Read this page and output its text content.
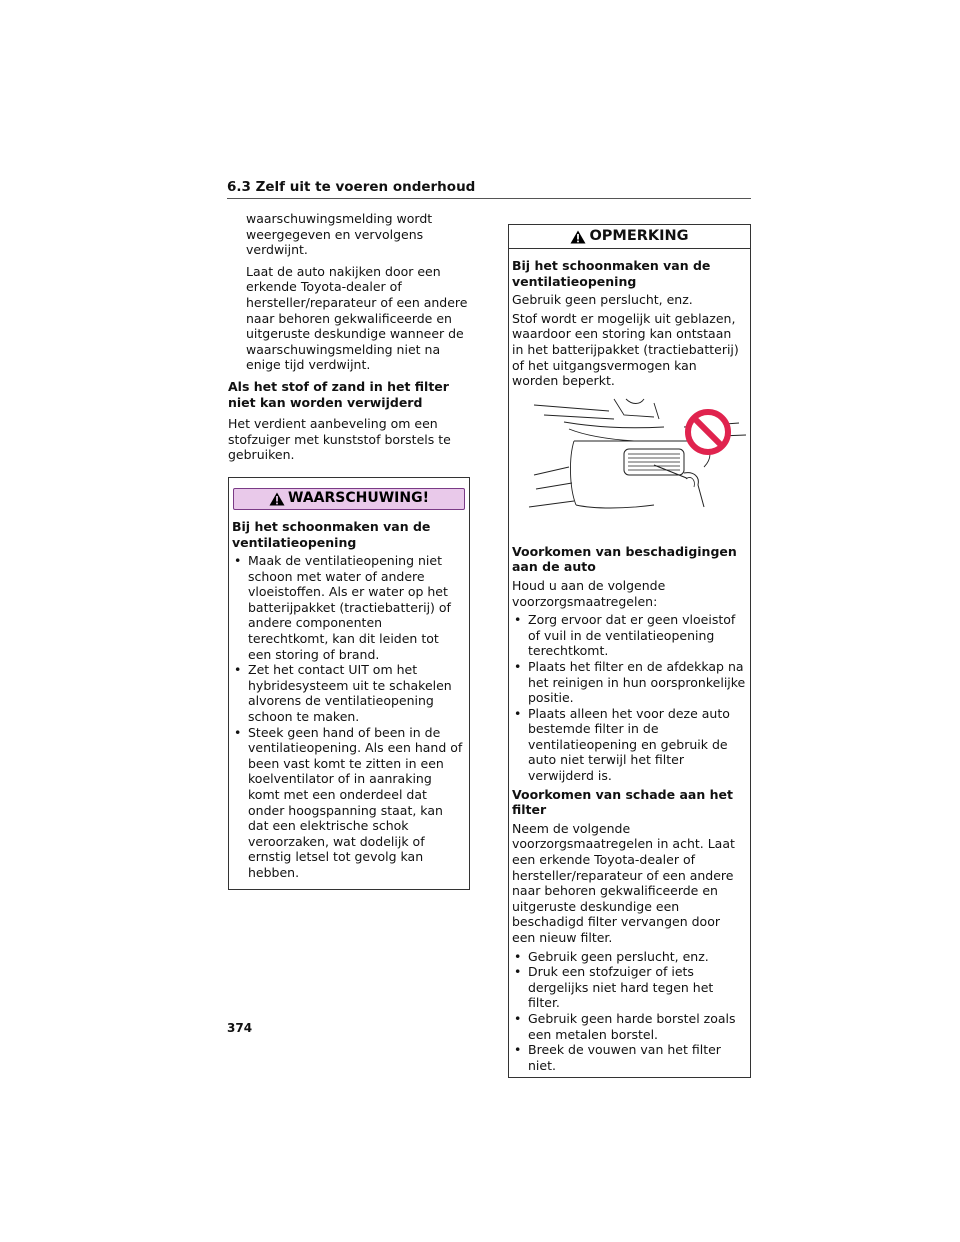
6.3 Zelf uit te voeren onderhoud

waarschuwingsmelding wordt weergegeven en vervolgens verdwijnt.

Laat de auto nakijken door een erkende Toyota-dealer of hersteller/reparateur of een andere naar behoren gekwalificeerde en uitgeruste deskundige wanneer de waarschuwingsmelding niet na enige tijd verdwijnt.

Als het stof of zand in het filter niet kan worden verwijderd

Het verdient aanbeveling om een stofzuiger met kunststof borstels te gebruiken.

WAARSCHUWING!

Bij het schoonmaken van de ventilatieopening

• Maak de ventilatieopening niet schoon met water of andere vloeistoffen. Als er water op het batterijpakket (tractiebatterij) of andere componenten terechtkomt, kan dit leiden tot een storing of brand.
• Zet het contact UIT om het hybridesysteem uit te schakelen alvorens de ventilatieopening schoon te maken.
• Steek geen hand of been in de ventilatieopening. Als een hand of been vast komt te zitten in een koelventilator of in aanraking komt met een onderdeel dat onder hoogspanning staat, kan dat een elektrische schok veroorzaken, wat dodelijk of ernstig letsel tot gevolg kan hebben.
OPMERKING

Bij het schoonmaken van de ventilatieopening

Gebruik geen perslucht, enz.

Stof wordt er mogelijk uit geblazen, waardoor een storing kan ontstaan in het batterijpakket (tractiebatterij) of het uitgangsvermogen kan worden beperkt.

Voorkomen van beschadigingen aan de auto

Houd u aan de volgende voorzorgsmaatregelen:

• Zorg ervoor dat er geen vloeistof of vuil in de ventilatieopening terechtkomt.
• Plaats het filter en de afdekkap na het reinigen in hun oorspronkelijke positie.
• Plaats alleen het voor deze auto bestemde filter in de ventilatieopening en gebruik de auto niet terwijl het filter verwijderd is.

Voorkomen van schade aan het filter

Neem de volgende voorzorgsmaatregelen in acht. Laat een erkende Toyota-dealer of hersteller/reparateur of een andere naar behoren gekwalificeerde en uitgeruste deskundige een beschadigd filter vervangen door een nieuw filter.

• Gebruik geen perslucht, enz.
• Druk een stofzuiger of iets dergelijks niet hard tegen het filter.
• Gebruik geen harde borstel zoals een metalen borstel.
• Breek de vouwen van het filter niet.
374
